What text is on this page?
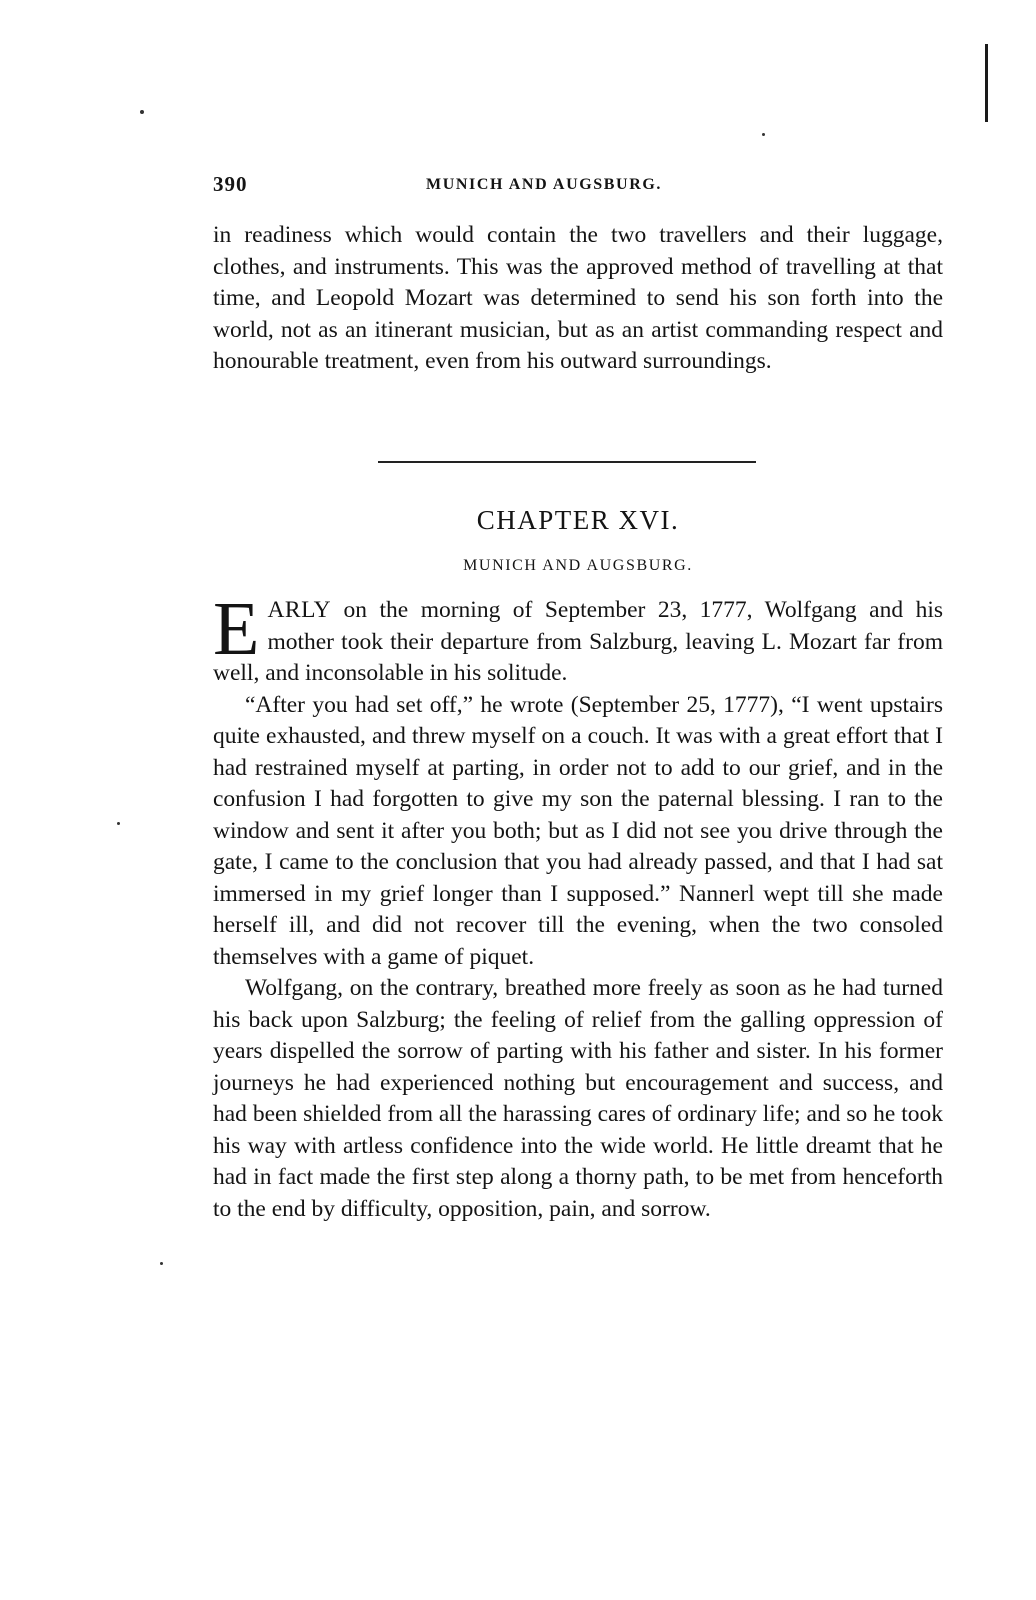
390	MUNICH AND AUGSBURG.

in readiness which would contain the two travellers and their luggage, clothes, and instruments. This was the approved method of travelling at that time, and Leopold Mozart was determined to send his son forth into the world, not as an itinerant musician, but as an artist commanding respect and honourable treatment, even from his outward surroundings.

CHAPTER XVI.
MUNICH AND AUGSBURG.

EARLY on the morning of September 23, 1777, Wolfgang and his mother took their departure from Salzburg, leaving L. Mozart far from well, and inconsolable in his solitude.

“After you had set off,” he wrote (September 25, 1777), “I went upstairs quite exhausted, and threw myself on a couch. It was with a great effort that I had restrained myself at parting, in order not to add to our grief, and in the confusion I had forgotten to give my son the paternal blessing. I ran to the window and sent it after you both; but as I did not see you drive through the gate, I came to the conclusion that you had already passed, and that I had sat immersed in my grief longer than I supposed.” Nannerl wept till she made herself ill, and did not recover till the evening, when the two consoled themselves with a game of piquet.

Wolfgang, on the contrary, breathed more freely as soon as he had turned his back upon Salzburg; the feeling of relief from the galling oppression of years dispelled the sorrow of parting with his father and sister. In his former journeys he had experienced nothing but encouragement and success, and had been shielded from all the harassing cares of ordinary life; and so he took his way with artless confidence into the wide world. He little dreamt that he had in fact made the first step along a thorny path, to be met from henceforth to the end by difficulty, opposition, pain, and sorrow.
